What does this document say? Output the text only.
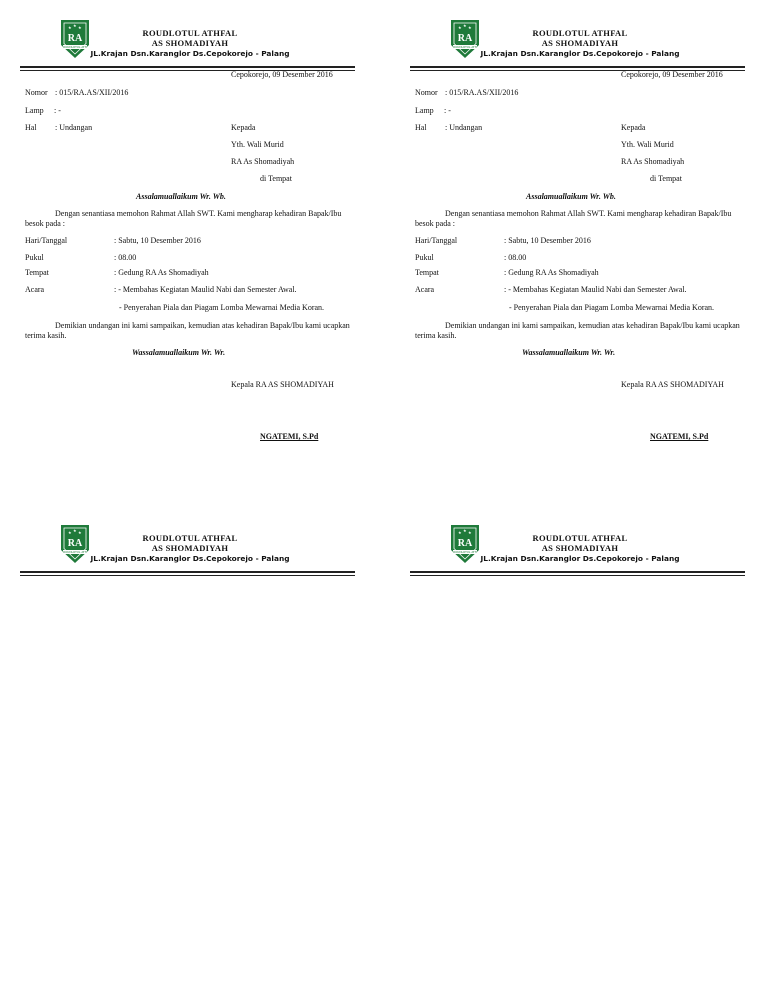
★ ★ ★
RA
ROUDLOTUL ATH
ROUDLOTUL ATHFAL
AS SHOMADIYAH
JL.Krajan Dsn.Karanglor Ds.Cepokorejo - Palang
Cepokorejo, 09 Desember 2016
Nomor : 015/RA.AS/XII/2016
Lamp : -
Hal : Undangan	Kepada
Yth. Wali Murid
RA As Shomadiyah
di Tempat
Assalamuallaikum Wr. Wb.
Dengan senantiasa memohon Rahmat Allah SWT. Kami mengharap kehadiran Bapak/Ibu besok pada :
Hari/Tanggal	: Sabtu, 10 Desember 2016
Pukul	: 08.00
Tempat	: Gedung RA As Shomadiyah
Acara	: - Membahas Kegiatan Maulid Nabi dan Semester Awal.
- Penyerahan Piala dan Piagam Lomba Mewarnai Media Koran.
Demikian undangan ini kami sampaikan, kemudian atas kehadiran Bapak/Ibu kami ucapkan terima kasih.
Wassalamuallaikum Wr. Wr.
Kepala RA AS SHOMADIYAH
NGATEMI, S.Pd
★ ★ ★
RA
ROUDLOTUL ATH
ROUDLOTUL ATHFAL
AS SHOMADIYAH
JL.Krajan Dsn.Karanglor Ds.Cepokorejo - Palang
Cepokorejo, 09 Desember 2016
Nomor : 015/RA.AS/XII/2016
Lamp : -
Hal : Undangan	Kepada
Yth. Wali Murid
RA As Shomadiyah
di Tempat
Assalamuallaikum Wr. Wb.
Dengan senantiasa memohon Rahmat Allah SWT. Kami mengharap kehadiran Bapak/Ibu besok pada :
Hari/Tanggal	: Sabtu, 10 Desember 2016
Pukul	: 08.00
Tempat	: Gedung RA As Shomadiyah
Acara	: - Membahas Kegiatan Maulid Nabi dan Semester Awal.
- Penyerahan Piala dan Piagam Lomba Mewarnai Media Koran.
Demikian undangan ini kami sampaikan, kemudian atas kehadiran Bapak/Ibu kami ucapkan terima kasih.
Wassalamuallaikum Wr. Wr.
Kepala RA AS SHOMADIYAH
NGATEMI, S.Pd
★ ★ ★
RA
ROUDLOTUL ATH
ROUDLOTUL ATHFAL
AS SHOMADIYAH
JL.Krajan Dsn.Karanglor Ds.Cepokorejo - Palang
★ ★ ★
RA
ROUDLOTUL ATH
ROUDLOTUL ATHFAL
AS SHOMADIYAH
JL.Krajan Dsn.Karanglor Ds.Cepokorejo - Palang
